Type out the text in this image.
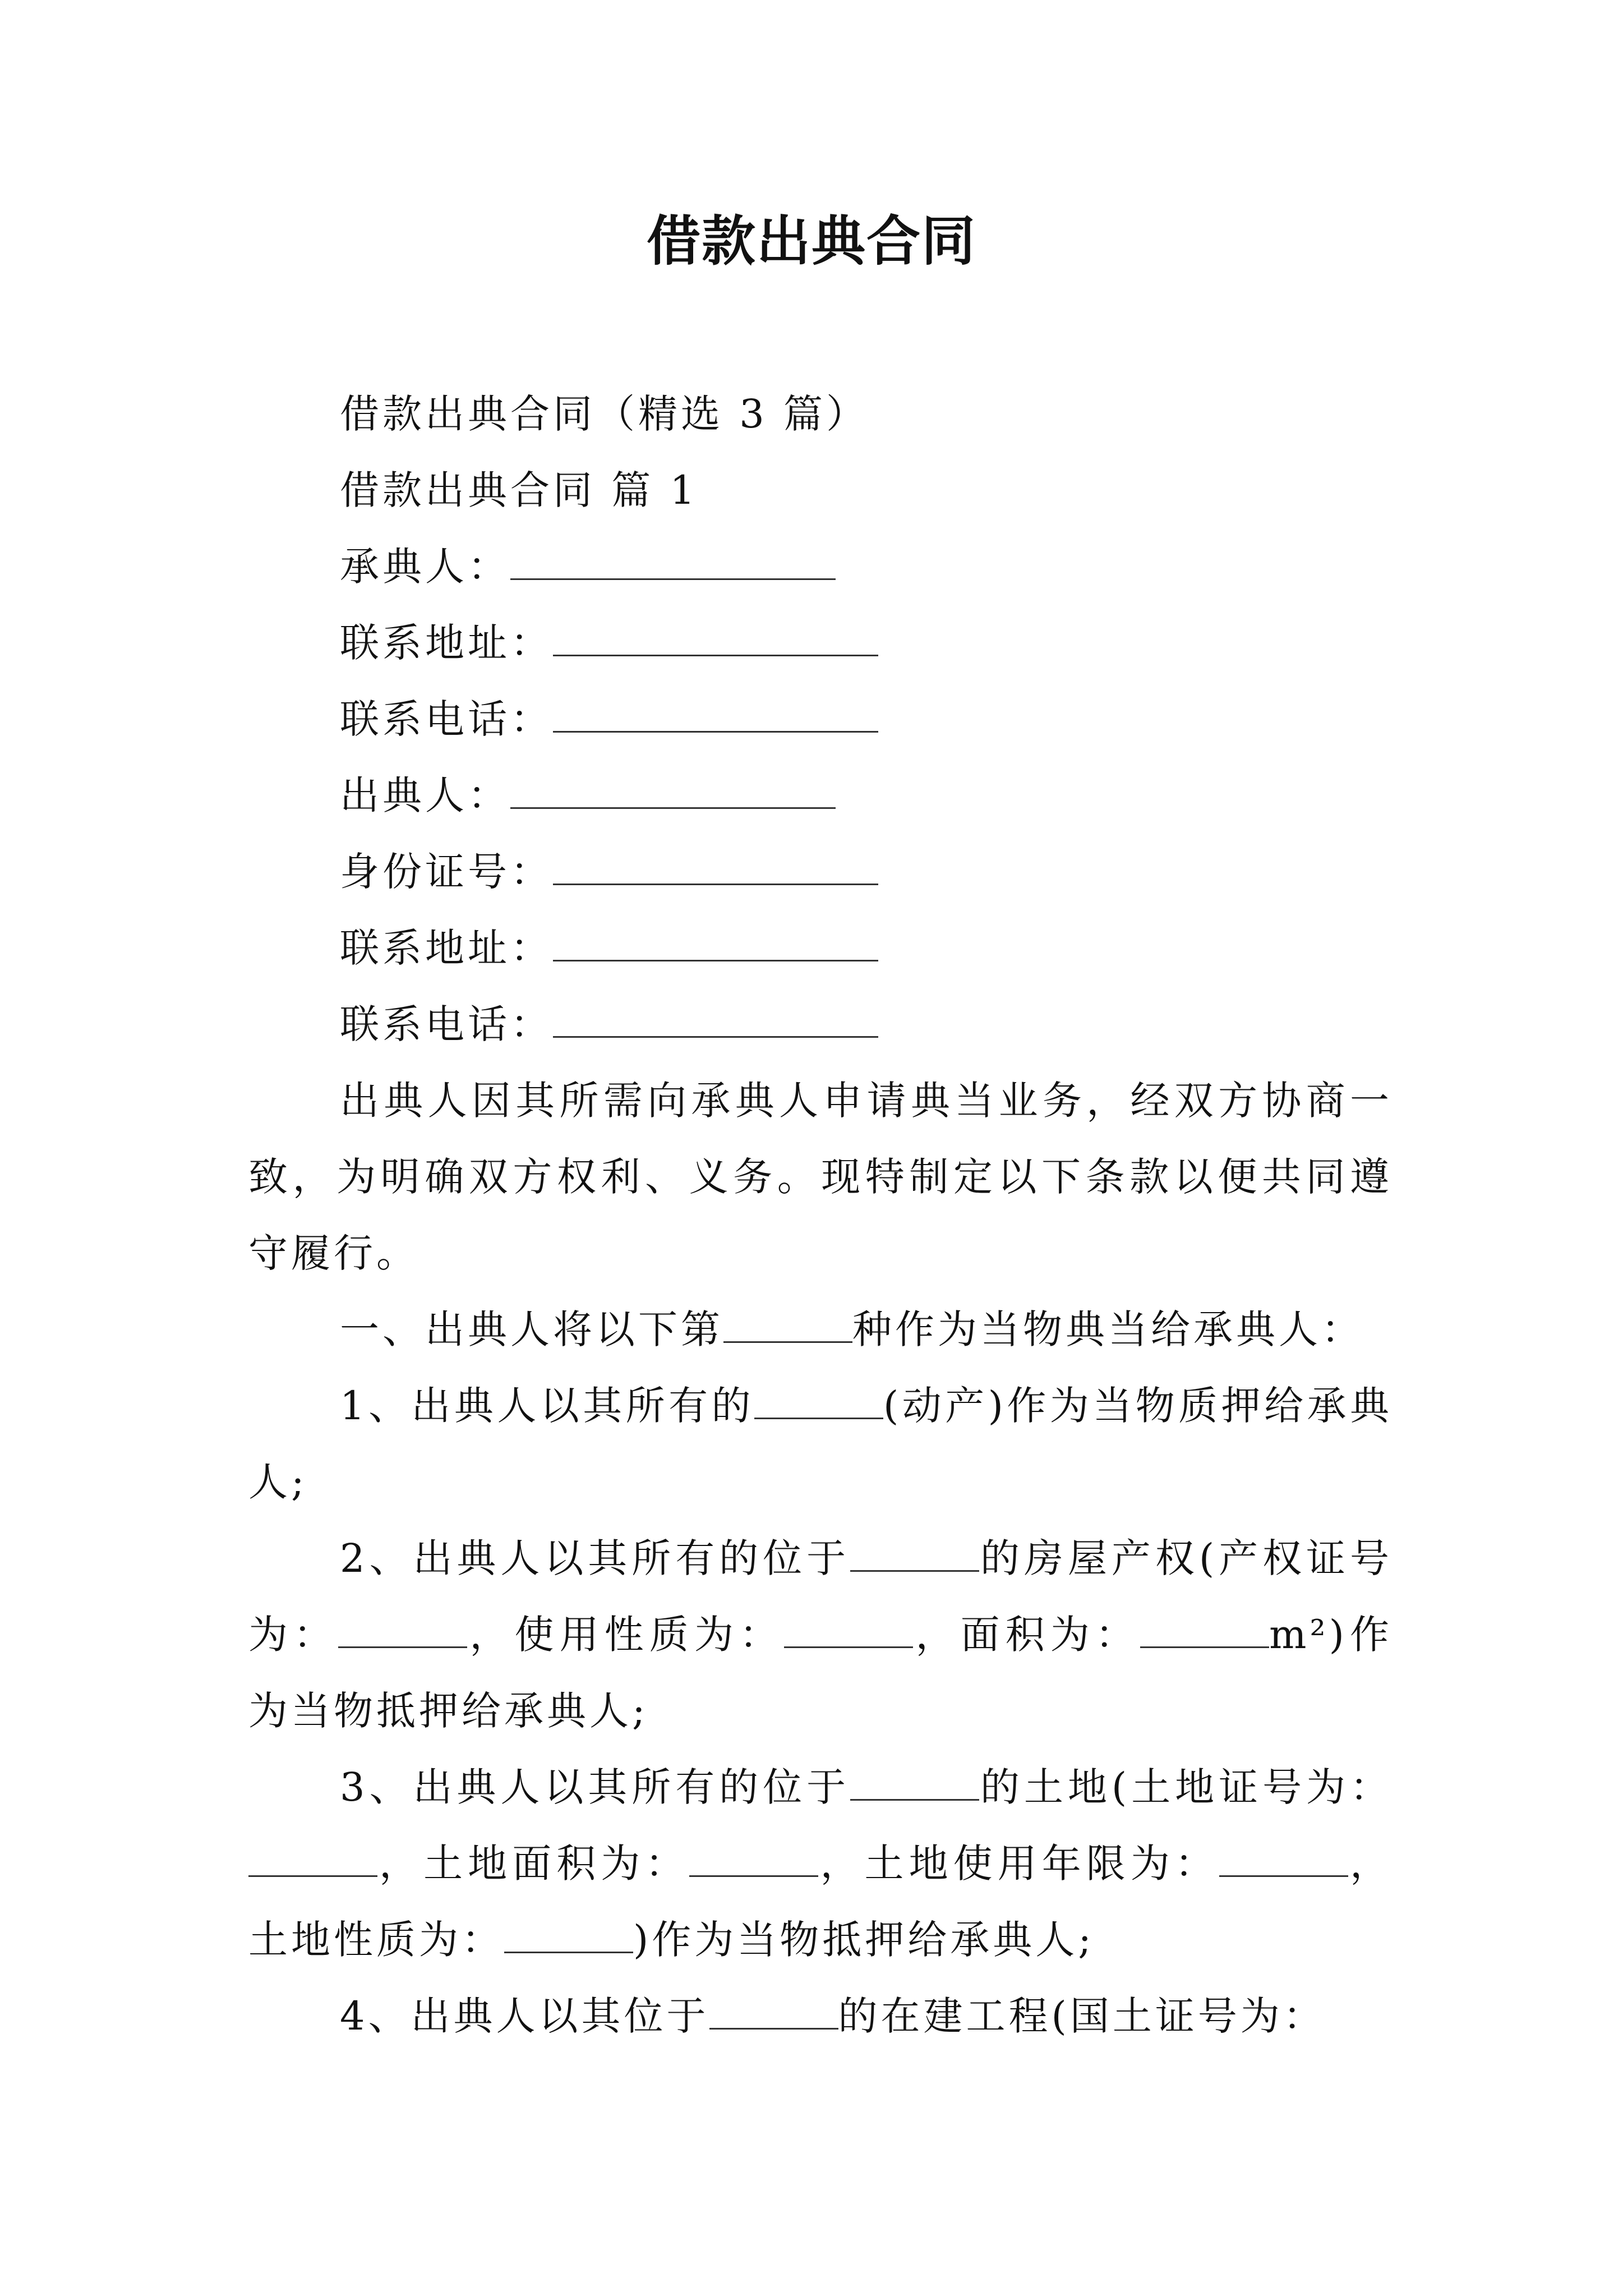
借款出典合同

借款出典合同（精选 3 篇）

借款出典合同 篇 1

承典人：

联系地址：

联系电话：

出典人：

身份证号：

联系地址：

联系电话：

出典人因其所需向承典人申请典当业务，经双方协商一致，为明确双方权利、义务。现特制定以下条款以便共同遵守履行。

一、出典人将以下第	种作为当物典当给承典人：

1、出典人以其所有的	(动产)作为当物质押给承典人;

2、出典人以其所有的位于	的房屋产权(产权证号为：	，使用性质为：	，面积为：	m²)作为当物抵押给承典人;

3、出典人以其所有的位于	的土地(土地证号为：，土地面积为：	，土地使用年限为：	，土地性质为：	)作为当物抵押给承典人;

4、出典人以其位于	的在建工程(国土证号为：
